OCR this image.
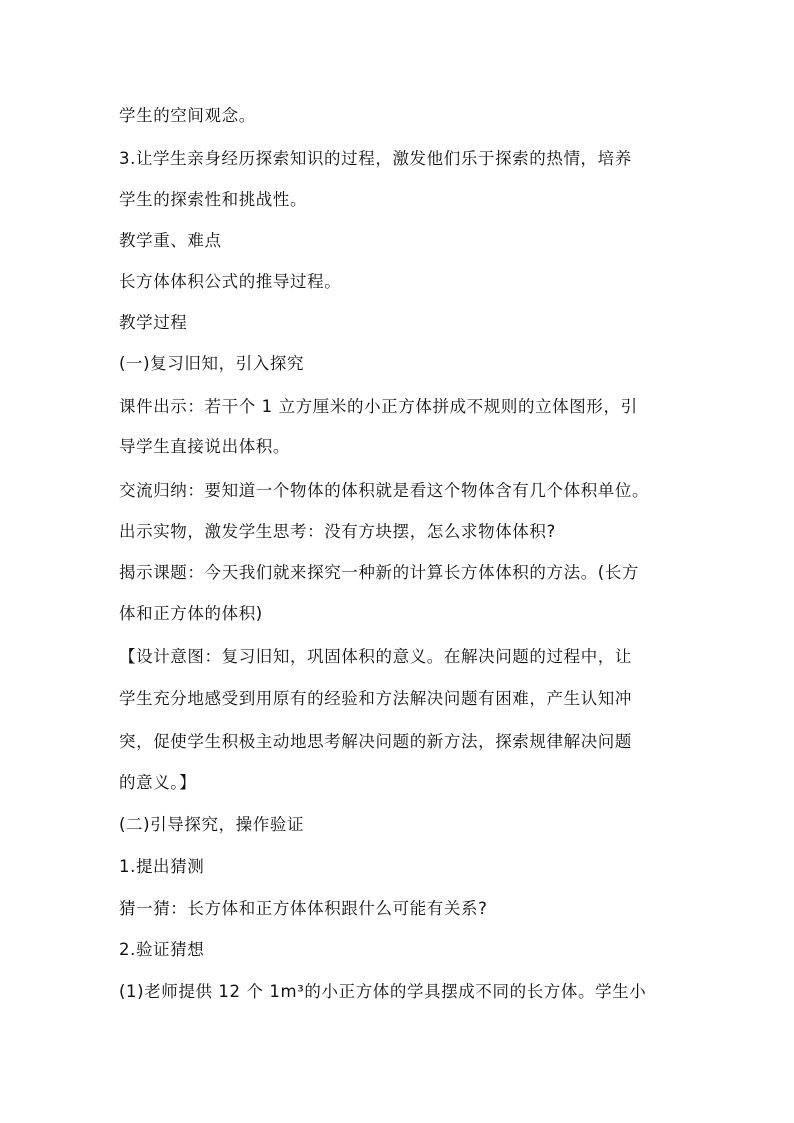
学生的空间观念。
3.让学生亲身经历探索知识的过程，激发他们乐于探索的热情，培养
学生的探索性和挑战性。
教学重、难点
长方体体积公式的推导过程。
教学过程
(一)复习旧知，引入探究
课件出示：若干个 1 立方厘米的小正方体拼成不规则的立体图形，引
导学生直接说出体积。
交流归纳：要知道一个物体的体积就是看这个物体含有几个体积单位。
出示实物，激发学生思考：没有方块摆，怎么求物体体积?
揭示课题：今天我们就来探究一种新的计算长方体体积的方法。(长方
体和正方体的体积)
【设计意图：复习旧知，巩固体积的意义。在解决问题的过程中，让
学生充分地感受到用原有的经验和方法解决问题有困难，产生认知冲
突，促使学生积极主动地思考解决问题的新方法，探索规律解决问题
的意义。】
(二)引导探究，操作验证
1.提出猜测
猜一猜：长方体和正方体体积跟什么可能有关系?
2.验证猜想
(1)老师提供 12 个 1m³的小正方体的学具摆成不同的长方体。学生小
